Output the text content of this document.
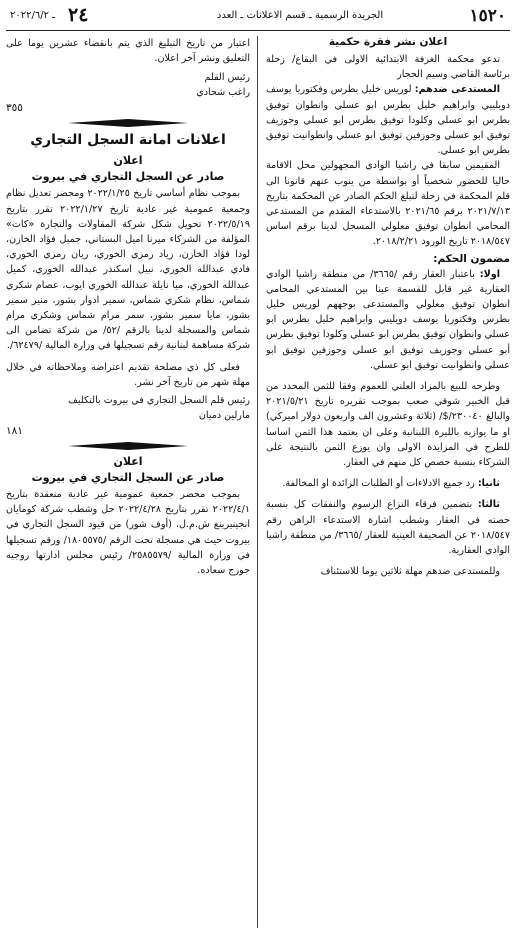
١٥٢٠
الجريدة الرسمية ـ قسم الاعلانات ـ العدد
٢٤
ـ ٢٠٢٢/٦/٢
اعلان نشر فقرة حكمية

تدعو محكمة الغرفة الابتدائية الاولى في البقاع/ زحلة برئاسة القاضي وسيم الحجار

المستدعى ضدهم: لوريس خليل بطرس وفكتوريا يوسف دويليبي وابراهيم خليل بطرس ابو عسلي وانطوان توفيق بطرس ابو عسلي وكلودا توفيق بطرس ابو عسلي وجوزيف توفيق ابو عسلي وجوزفين توفيق ابو عسلي وانطوانيت توفيق بطرس ابو عسلي.

المقيمين سابقا في راشيا الوادي المجهولين محل الاقامة حاليا للحضور شخصياً أو بواسطة من ينوب عنهم قانونا الى قلم المحكمة في زحلة لتبلغ الحكم الصادر عن المحكمة بتاريخ ٢٠٢١/٧/١٣ برقم ٢٠٢١/٦٥ بالاستدعاء المقدم من المستدعي المحامي انطوان توفيق معلولي المسجل لدينا برقم اساس ٢٠١٨/٥٤٧ تاريخ الورود ٢٠١٨/٢/٢١.

مضمون الحكم:

اولا: باعتبار العقار رقم /٣٦٦٥/ من منطقة راشيا الوادي العقارية غير قابل للقسمة عينا بين المستدعي المحامي انطوان توفيق معلولي والمستدعى بوجههم لوريس خليل بطرس وفكتوريا يوسف دويليبي وابراهيم خليل بطرس ابو عسلي وانطوان توفيق بطرس ابو عسلي وكلودا توفيق بطرس أبو عسلي وجوزيف توفيق ابو عسلي وجوزفين توفيق ابو عسلي وانطوانيت توفيق ابو عسلي.

وطرحه للبيع بالمزاد العلني للعموم وفقا للثمن المحدد من قبل الخبير شوقي صعب بموجب تقريره تاريخ ٢٠٢١/٥/٢١ والبالغ ٢٣٠٠٤٠/$/ (ثلاثة وعشرون الف واربعون دولار اميركي) او ما يوازيه بالليرة اللبنانية وعلى ان يعتمد هذا الثمن اساسا للطرح في المزايدة الاولى وان يوزع الثمن بالنتيجة على الشركاء بنسبة حصص كل منهم في العقار.

ثانيا: رد جميع الادلاءات أو الطلبات الزائدة او المخالفة.

ثالثا: بتضمين فرقاء النزاع الرسوم والنفقات كل بنسبة حصته في العقار وشطب اشارة الاستدعاء الراهن رقم ٢٠١٨/٥٤٧ عن الصحيفة العينية للعقار /٣٦٦٥/ من منطقة راشيا الوادي العقارية.

وللمستدعى ضدهم مهلة ثلاثين يوما للاستئناف

اعتبار من تاريخ التبليغ الذي يتم بانقضاء عشرين يوما على التعليق ونشر آخر اعلان.

رئيس القلم
راغب شحادي
٣٥٥
اعلانات امانة السجل التجاري
اعلان
صادر عن السجل التجاري في بيروت

بموجب نظام أساسي تاريخ ٢٠٢٢/١/٢٥ ومحضر تعديل نظام وجمعية عمومية غير عادية تاريخ ٢٠٢٢/١/٢٧ تقرر بتاريخ ٢٠٢٢/٥/١٩ تحويل شكل شركة المقاولات والتجارة «كات» المؤلفة من الشركاء ميرنا اميل البستاني، جميل فؤاد الخازن، لودا فؤاد الخازن، زياد رمزي الخوري، ريان رمزي الخوري، فادي عبدالله الخوري، نبيل اسكندر عبدالله الخوري، كميل عبدالله الخوري، ميا نايلة عبدالله الخوري ايوب، عصام شكري شماس، نظام شكري شماس، سمير ادوار بشور، منير سمير بشور، مايا سمير بشور، سمر مرام شماس وشكري مرام شماس والمسجلة لدينا بالرقم /٥٢/ من شركة تضامن الى شركة مساهمة لبنانية رقم تسجيلها في وزارة المالية /٦٢٤٧٩/.

فعلى كل ذي مصلحة تقديم اعتراضه وملاحظاته في خلال مهلة شهر من تاريخ آخر نشر.

رئيس قلم السجل التجاري في بيروت بالتكليف
مارلين دميان
١٨١
اعلان
صادر عن السجل التجاري في بيروت

بموجب محضر جمعية عمومية غير عادية منعقدة بتاريخ ٢٠٢٢/٤/١ تقرر بتاريخ ٢٠٢٢/٤/٢٨ حل وشطب شركة كومايان انجينيرينغ ش.م.ل. (أوف شور) من قيود السجل التجاري في بيروت حيث هي مسجلة تحت الرقم /١٨٠٥٥٧٥/ ورقم تسجيلها في وزارة المالية /٢٥٨٥٥٧٩/ رئيس مجلس ادارتها روجيه جورج سعاده.
